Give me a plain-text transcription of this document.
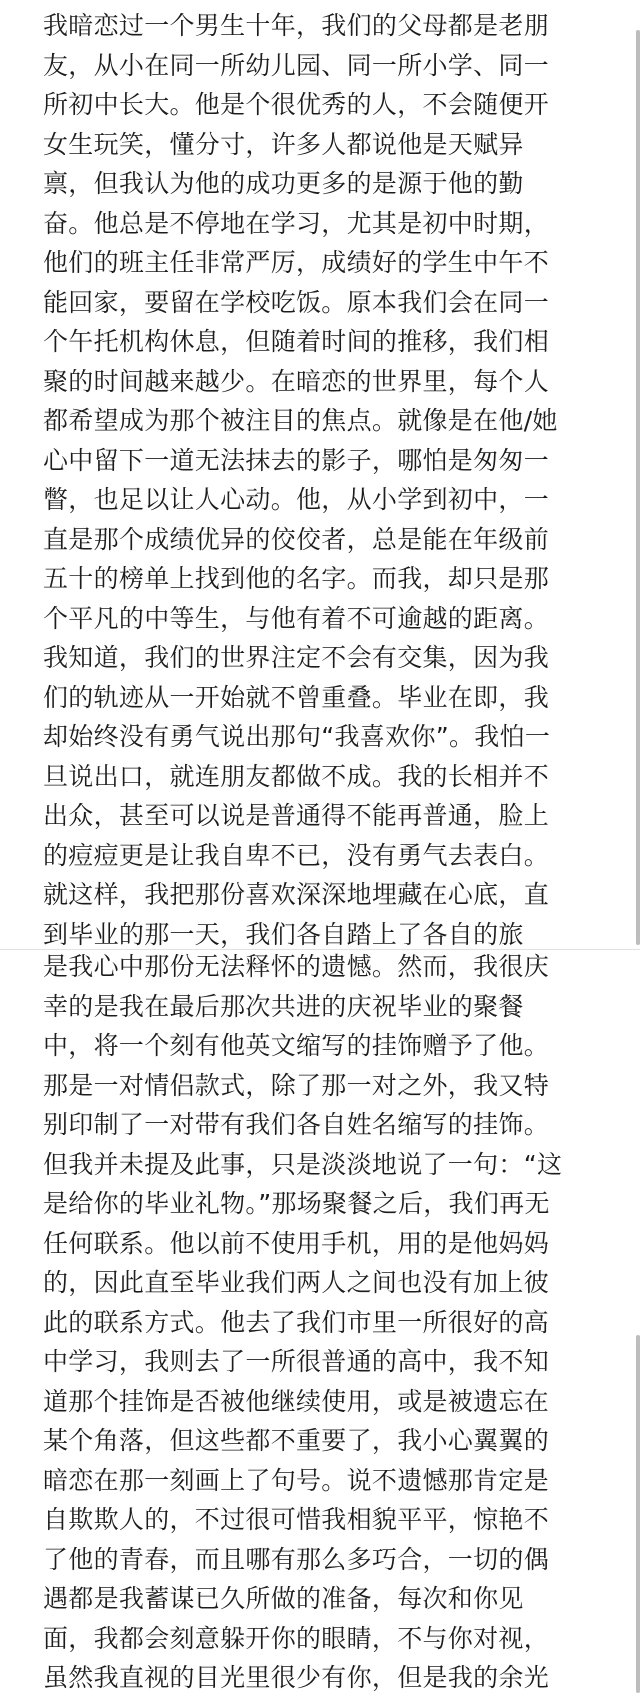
我暗恋过一个男生十年，我们的父母都是老朋
友，从小在同一所幼儿园、同一所小学、同一
所初中长大。他是个很优秀的人，不会随便开
女生玩笑，懂分寸，许多人都说他是天赋异
禀，但我认为他的成功更多的是源于他的勤
奋。他总是不停地在学习，尤其是初中时期，
他们的班主任非常严厉，成绩好的学生中午不
能回家，要留在学校吃饭。原本我们会在同一
个午托机构休息，但随着时间的推移，我们相
聚的时间越来越少。在暗恋的世界里，每个人
都希望成为那个被注目的焦点。就像是在他/她
心中留下一道无法抹去的影子，哪怕是匆匆一
瞥，也足以让人心动。他，从小学到初中，一
直是那个成绩优异的佼佼者，总是能在年级前
五十的榜单上找到他的名字。而我，却只是那
个平凡的中等生，与他有着不可逾越的距离。
我知道，我们的世界注定不会有交集，因为我
们的轨迹从一开始就不曾重叠。毕业在即，我
却始终没有勇气说出那句“我喜欢你”。我怕一
旦说出口，就连朋友都做不成。我的长相并不
出众，甚至可以说是普通得不能再普通，脸上
的痘痘更是让我自卑不已，没有勇气去表白。
就这样，我把那份喜欢深深地埋藏在心底，直
到毕业的那一天，我们各自踏上了各自的旅
是我心中那份无法释怀的遗憾。然而，我很庆
幸的是我在最后那次共进的庆祝毕业的聚餐
中，将一个刻有他英文缩写的挂饰赠予了他。
那是一对情侣款式，除了那一对之外，我又特
别印制了一对带有我们各自姓名缩写的挂饰。
但我并未提及此事，只是淡淡地说了一句：“这
是给你的毕业礼物。”那场聚餐之后，我们再无
任何联系。他以前不使用手机，用的是他妈妈
的，因此直至毕业我们两人之间也没有加上彼
此的联系方式。他去了我们市里一所很好的高
中学习，我则去了一所很普通的高中，我不知
道那个挂饰是否被他继续使用，或是被遗忘在
某个角落，但这些都不重要了，我小心翼翼的
暗恋在那一刻画上了句号。说不遗憾那肯定是
自欺欺人的，不过很可惜我相貌平平，惊艳不
了他的青春，而且哪有那么多巧合，一切的偶
遇都是我蓄谋已久所做的准备，每次和你见
面，我都会刻意躲开你的眼睛，不与你对视，
虽然我直视的目光里很少有你，但是我的余光
